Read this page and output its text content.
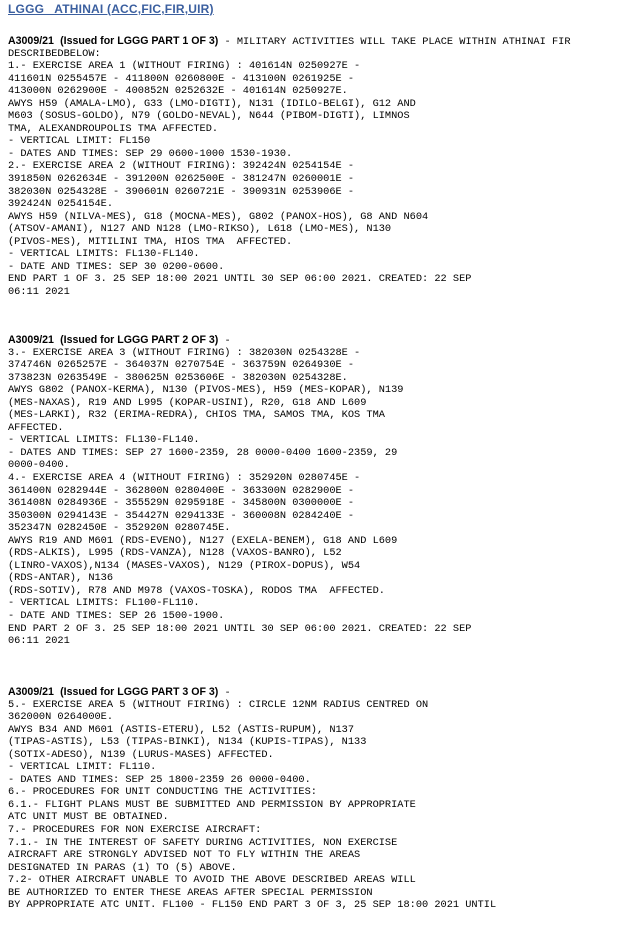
LGGG   ATHINAI (ACC,FIC,FIR,UIR)
A3009/21 (Issued for LGGG PART 1 OF 3) - MILITARY ACTIVITIES WILL TAKE PLACE WITHIN ATHINAI FIR
DESCRIBEDBELOW:
1.- EXERCISE AREA 1 (WITHOUT FIRING) : 401614N 0250927E -
411601N 0255457E - 411800N 0260800E - 413100N 0261925E -
413000N 0262900E - 400852N 0252632E - 401614N 0250927E.
AWYS H59 (AMALA-LMO), G33 (LMO-DIGTI), N131 (IDILO-BELGI), G12 AND
M603 (SOSUS-GOLDO), N79 (GOLDO-NEVAL), N644 (PIBOM-DIGTI), LIMNOS
TMA, ALEXANDROUPOLIS TMA AFFECTED.
- VERTICAL LIMIT: FL150
- DATES AND TIMES: SEP 29 0600-1000 1530-1930.
2.- EXERCISE AREA 2 (WITHOUT FIRING): 392424N 0254154E -
391850N 0262634E - 391200N 0262500E - 381247N 0260001E -
382030N 0254328E - 390601N 0260721E - 390931N 0253906E -
392424N 0254154E.
AWYS H59 (NILVA-MES), G18 (MOCNA-MES), G802 (PANOX-HOS), G8 AND N604
(ATSOV-AMANI), N127 AND N128 (LMO-RIKSO), L618 (LMO-MES), N130
(PIVOS-MES), MITILINI TMA, HIOS TMA  AFFECTED.
- VERTICAL LIMITS: FL130-FL140.
- DATE AND TIMES: SEP 30 0200-0600.
END PART 1 OF 3. 25 SEP 18:00 2021 UNTIL 30 SEP 06:00 2021. CREATED: 22 SEP
06:11 2021
A3009/21 (Issued for LGGG PART 2 OF 3) -
3.- EXERCISE AREA 3 (WITHOUT FIRING) : 382030N 0254328E -
374746N 0265257E - 364037N 0270754E - 363759N 0264930E -
373823N 0263549E - 380625N 0253606E - 382030N 0254328E.
AWYS G802 (PANOX-KERMA), N130 (PIVOS-MES), H59 (MES-KOPAR), N139
(MES-NAXAS), R19 AND L995 (KOPAR-USINI), R20, G18 AND L609
(MES-LARKI), R32 (ERIMA-REDRA), CHIOS TMA, SAMOS TMA, KOS TMA
AFFECTED.
- VERTICAL LIMITS: FL130-FL140.
- DATES AND TIMES: SEP 27 1600-2359, 28 0000-0400 1600-2359, 29
0000-0400.
4.- EXERCISE AREA 4 (WITHOUT FIRING) : 352920N 0280745E -
361400N 0282944E - 362800N 0280400E - 363300N 0282900E -
361408N 0284936E - 355529N 0295918E - 345800N 0300000E -
350300N 0294143E - 354427N 0294133E - 360008N 0284240E -
352347N 0282450E - 352920N 0280745E.
AWYS R19 AND M601 (RDS-EVENO), N127 (EXELA-BENEM), G18 AND L609
(RDS-ALKIS), L995 (RDS-VANZA), N128 (VAXOS-BANRO), L52
(LINRO-VAXOS),N134 (MASES-VAXOS), N129 (PIROX-DOPUS), W54
(RDS-ANTAR), N136
(RDS-SOTIV), R78 AND M978 (VAXOS-TOSKA), RODOS TMA  AFFECTED.
- VERTICAL LIMITS: FL100-FL110.
- DATE AND TIMES: SEP 26 1500-1900.
END PART 2 OF 3. 25 SEP 18:00 2021 UNTIL 30 SEP 06:00 2021. CREATED: 22 SEP
06:11 2021
A3009/21 (Issued for LGGG PART 3 OF 3) -
5.- EXERCISE AREA 5 (WITHOUT FIRING) : CIRCLE 12NM RADIUS CENTRED ON
362000N 0264000E.
AWYS B34 AND M601 (ASTIS-ETERU), L52 (ASTIS-RUPUM), N137
(TIPAS-ASTIS), L53 (TIPAS-BINKI), N134 (KUPIS-TIPAS), N133
(SOTIX-ADESO), N139 (LURUS-MASES) AFFECTED.
- VERTICAL LIMIT: FL110.
- DATES AND TIMES: SEP 25 1800-2359 26 0000-0400.
6.- PROCEDURES FOR UNIT CONDUCTING THE ACTIVITIES:
6.1.- FLIGHT PLANS MUST BE SUBMITTED AND PERMISSION BY APPROPRIATE
ATC UNIT MUST BE OBTAINED.
7.- PROCEDURES FOR NON EXERCISE AIRCRAFT:
7.1.- IN THE INTEREST OF SAFETY DURING ACTIVITIES, NON EXERCISE
AIRCRAFT ARE STRONGLY ADVISED NOT TO FLY WITHIN THE AREAS
DESIGNATED IN PARAS (1) TO (5) ABOVE.
7.2- OTHER AIRCRAFT UNABLE TO AVOID THE ABOVE DESCRIBED AREAS WILL
BE AUTHORIZED TO ENTER THESE AREAS AFTER SPECIAL PERMISSION
BY APPROPRIATE ATC UNIT. FL100 - FL150 END PART 3 OF 3, 25 SEP 18:00 2021 UNTIL
